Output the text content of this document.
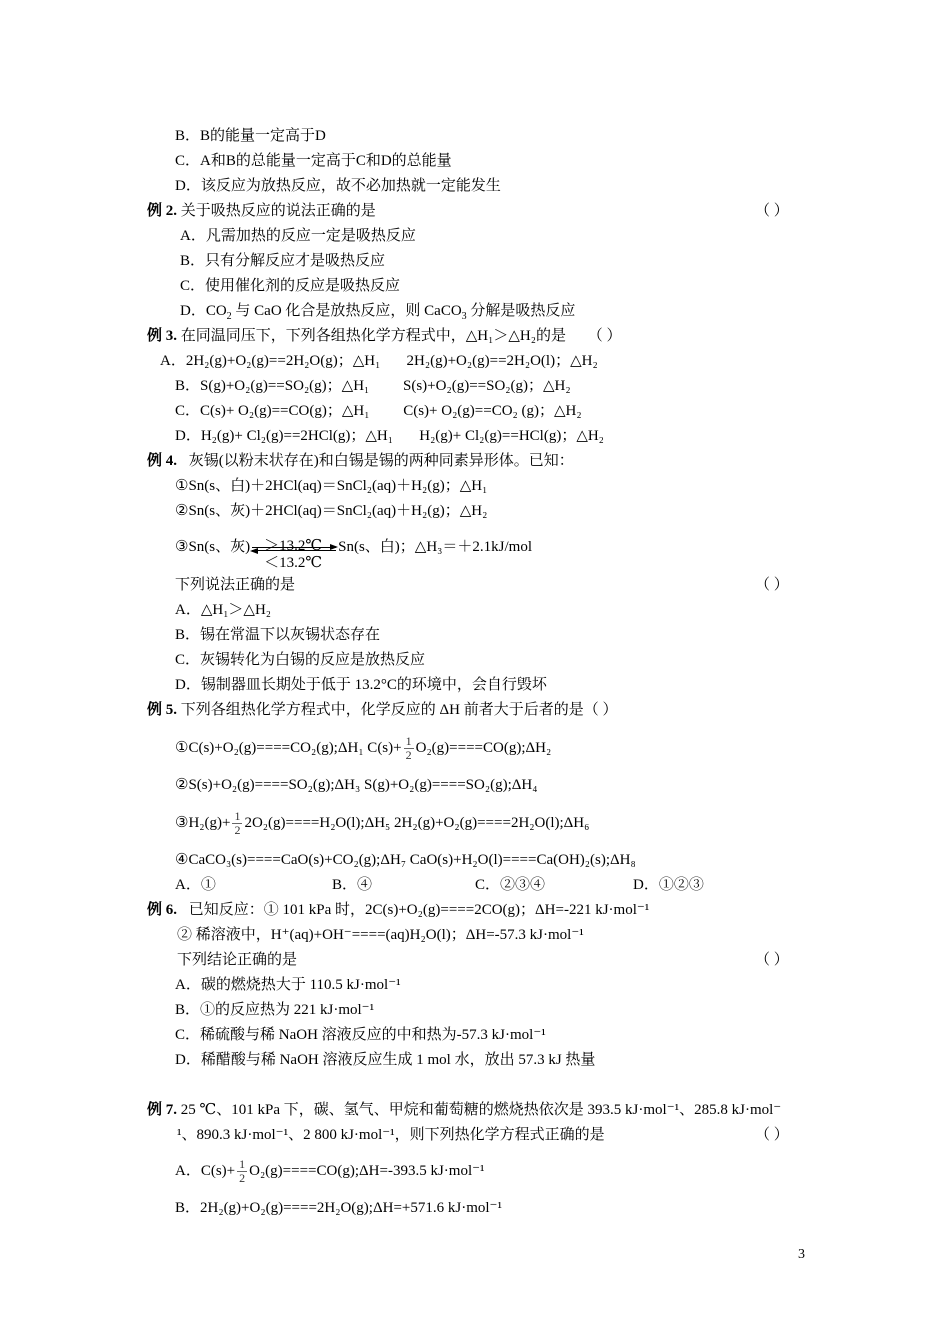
B．B的能量一定高于D
C．A和B的总能量一定高于C和D的总能量
D．该反应为放热反应，故不必加热就一定能发生
例 2. 关于吸热反应的说法正确的是	（ ）
A．凡需加热的反应一定是吸热反应
B．只有分解反应才是吸热反应
C．使用催化剂的反应是吸热反应
D．$CO_2$ 与 CaO 化合是放热反应，则 CaCO$_3$ 分解是吸热反应
例 3. 在同温同压下，下列各组热化学方程式中，△H₁＞△H₂的是 （ ）
A．2H₂(g)+O₂(g)==2H₂O(g)；△H₁       2H₂(g)+O₂(g)==2H₂O(l)；△H₂
B．S(g)+O₂(g)==SO₂(g)；△H₁         S(s)+O₂(g)==SO₂(g)；△H₂
C．C(s)+ O₂(g)==CO(g)；△H₁         C(s)+ O₂(g)==CO₂ (g)；△H₂
D．H₂(g)+ Cl₂(g)==2HCl(g)；△H₁       H₂(g)+ Cl₂(g)==HCl(g)；△H₂
例 4. 灰锡(以粉末状存在)和白锡是锡的两种同素异形体。已知：
①Sn(s、白)＋2HCl(aq)＝SnCl₂(aq)＋H₂(g)；△H₁
②Sn(s、灰)＋2HCl(aq)＝SnCl₂(aq)＋H₂(g)；△H₂
③Sn(s、灰) ＞13.2℃
＜13.2℃
Sn(s、白)；△H₃＝＋2.1kJ/mol
下列说法正确的是	（ ）
A．△H₁＞△H₂
B．锡在常温下以灰锡状态存在
C．灰锡转化为白锡的反应是放热反应
D．锡制器皿长期处于低于 13.2°C的环境中，会自行毁坏
例 5. 下列各组热化学方程式中，化学反应的 ΔH 前者大于后者的是（ ）
①C(s)+O₂(g)====CO₂(g);ΔH₁ $C(s)+ \frac{1}{2}$ O₂(g)====CO(g);ΔH₂
②S(s)+O₂(g)====SO₂(g);ΔH₃ S(g)+O₂(g)====SO₂(g);ΔH₄
③H₂(g)+ $\frac{1}{2}$ 2O₂(g)====H₂O(l);ΔH₅ 2H₂(g)+O₂(g)====2H₂O(l);ΔH₆
④CaCO₃(s)====CaO(s)+CO₂(g);ΔH₇ CaO(s)+H₂O(l)====Ca(OH)₂(s);ΔH₈
A．①	B．④	C．②③④	D．①②③
例 6. 已知反应：① 101 kPa 时，2C(s)+O₂(g)====2CO(g)；ΔH=-221 kJ·mol⁻¹
② 稀溶液中，H⁺(aq)+OH⁻====(aq)H₂O(l)；ΔH=-57.3 kJ·mol⁻¹
下列结论正确的是	（ ）
A．碳的燃烧热大于 110.5 kJ·mol⁻¹
B．①的反应热为 221 kJ·mol⁻¹
C．稀硫酸与稀 NaOH 溶液反应的中和热为-57.3 kJ·mol⁻¹
D．稀醋酸与稀 NaOH 溶液反应生成 1 mol 水，放出 57.3 kJ 热量
例 7. 25 ℃、101 kPa 下，碳、氢气、甲烷和葡萄糖的燃烧热依次是 393.5 kJ·mol⁻¹、285.8 kJ·mol⁻
¹、890.3 kJ·mol⁻¹、2 800 kJ·mol⁻¹，则下列热化学方程式正确的是	（ ）
A．$C(s)+ \frac{1}{2}$ O₂(g)====CO(g);ΔH=-393.5 kJ·mol⁻¹
B．2H₂(g)+O₂(g)====2H₂O(g);ΔH=+571.6 kJ·mol⁻¹
3
